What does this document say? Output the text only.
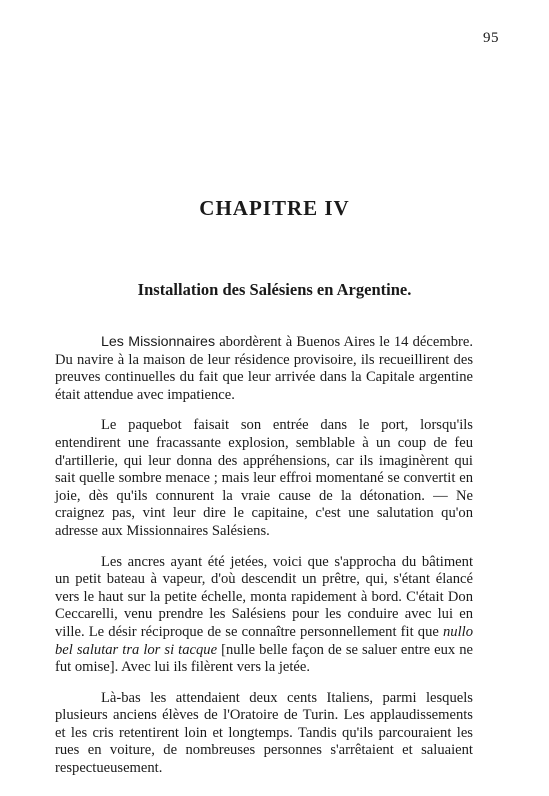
95
CHAPITRE IV
Installation des Salésiens en Argentine.

Les Missionnaires abordèrent à Buenos Aires le 14 décembre. Du navire à la maison de leur résidence provisoire, ils recueillirent des preuves continuelles du fait que leur arrivée dans la Capitale argentine était attendue avec impatience.

Le paquebot faisait son entrée dans le port, lorsqu'ils entendirent une fracassante explosion, semblable à un coup de feu d'artillerie, qui leur donna des appréhensions, car ils imaginèrent qui sait quelle sombre menace ; mais leur effroi momentané se convertit en joie, dès qu'ils connurent la vraie cause de la détonation. — Ne craignez pas, vint leur dire le capitaine, c'est une salutation qu'on adresse aux Missionnaires Salésiens.

Les ancres ayant été jetées, voici que s'approcha du bâtiment un petit bateau à vapeur, d'où descendit un prêtre, qui, s'étant élancé vers le haut sur la petite échelle, monta rapidement à bord. C'était Don Ceccarelli, venu prendre les Salésiens pour les conduire avec lui en ville. Le désir réciproque de se connaître personnellement fit que nullo bel salutar tra lor si tacque [nulle belle façon de se saluer entre eux ne fut omise]. Avec lui ils filèrent vers la jetée.

Là-bas les attendaient deux cents Italiens, parmi lesquels plusieurs anciens élèves de l'Oratoire de Turin. Les applaudissements et les cris retentirent loin et longtemps. Tandis qu'ils parcouraient les rues en voiture, de nombreuses personnes s'arrêtaient et saluaient respectueusement.
